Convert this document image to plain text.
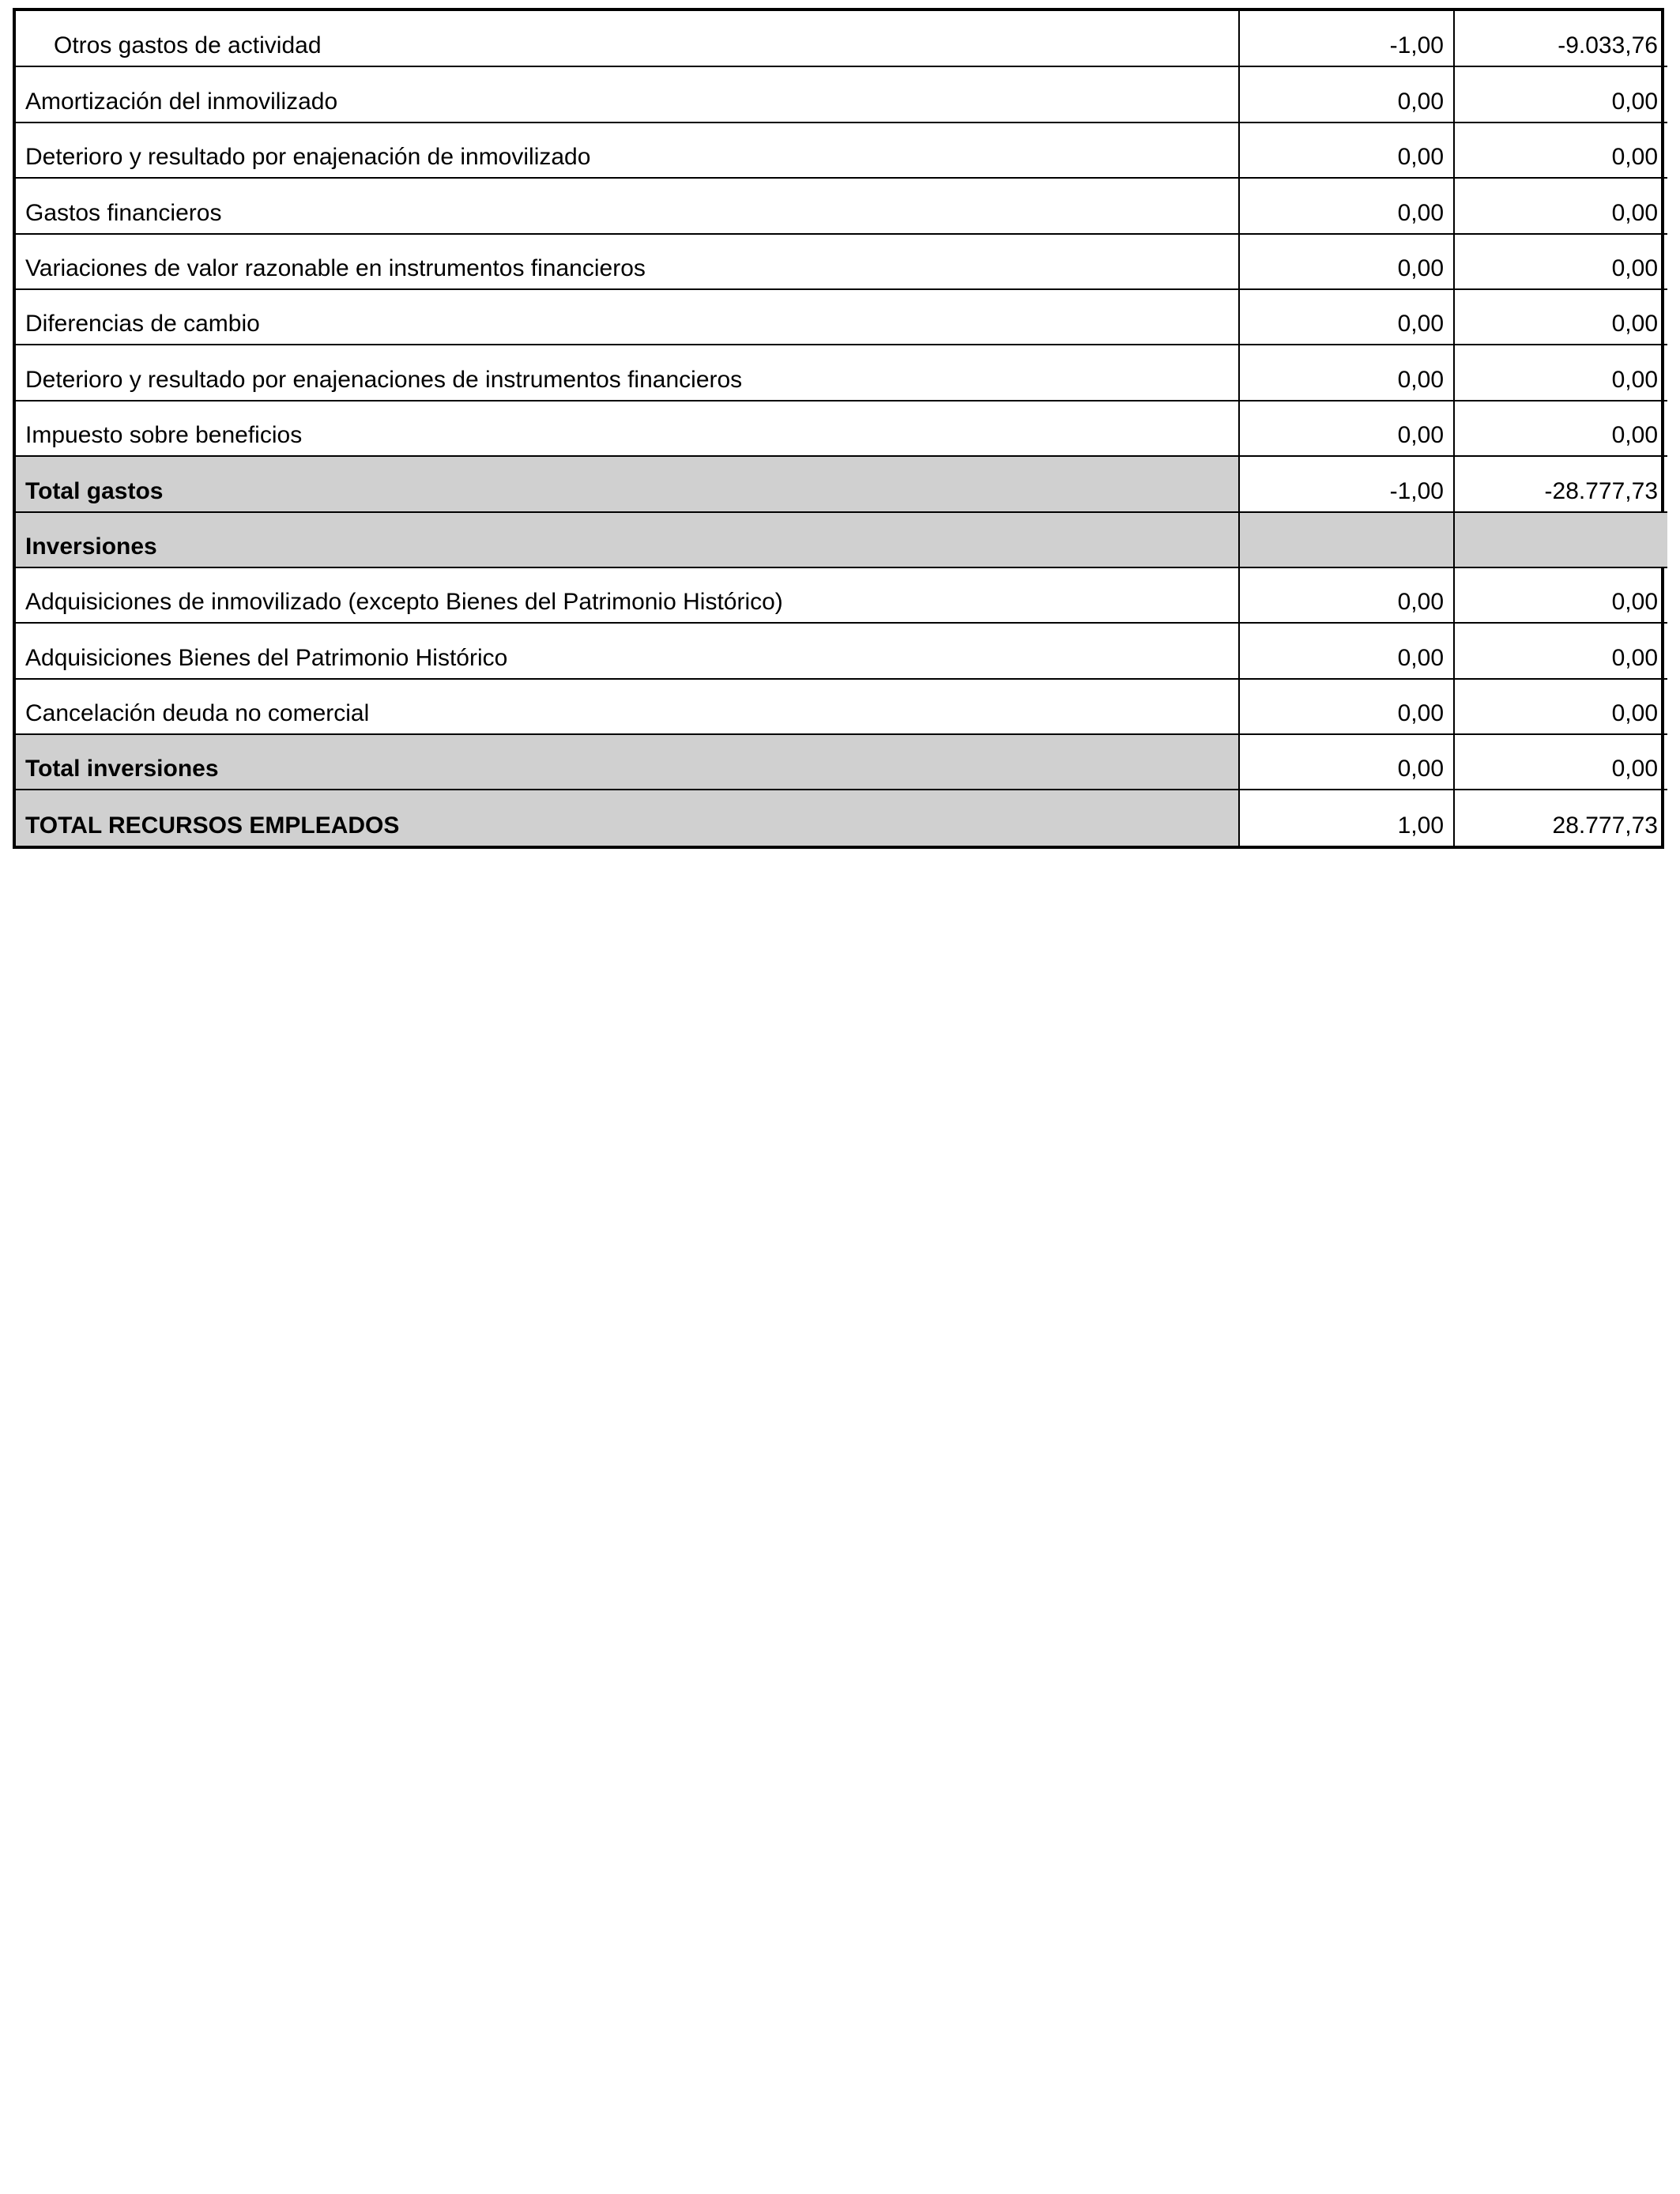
Otros gastos de actividad	-1,00	-9.033,76
Amortización del inmovilizado	0,00	0,00
Deterioro y resultado por enajenación de inmovilizado	0,00	0,00
Gastos financieros	0,00	0,00
Variaciones de valor razonable en instrumentos financieros	0,00	0,00
Diferencias de cambio	0,00	0,00
Deterioro y resultado por enajenaciones de instrumentos financieros	0,00	0,00
Impuesto sobre beneficios	0,00	0,00
Total gastos	-1,00	-28.777,73
Inversiones		
Adquisiciones de inmovilizado (excepto Bienes del Patrimonio Histórico)	0,00	0,00
Adquisiciones Bienes del Patrimonio Histórico	0,00	0,00
Cancelación deuda no comercial	0,00	0,00
Total inversiones	0,00	0,00
TOTAL RECURSOS EMPLEADOS	1,00	28.777,73
